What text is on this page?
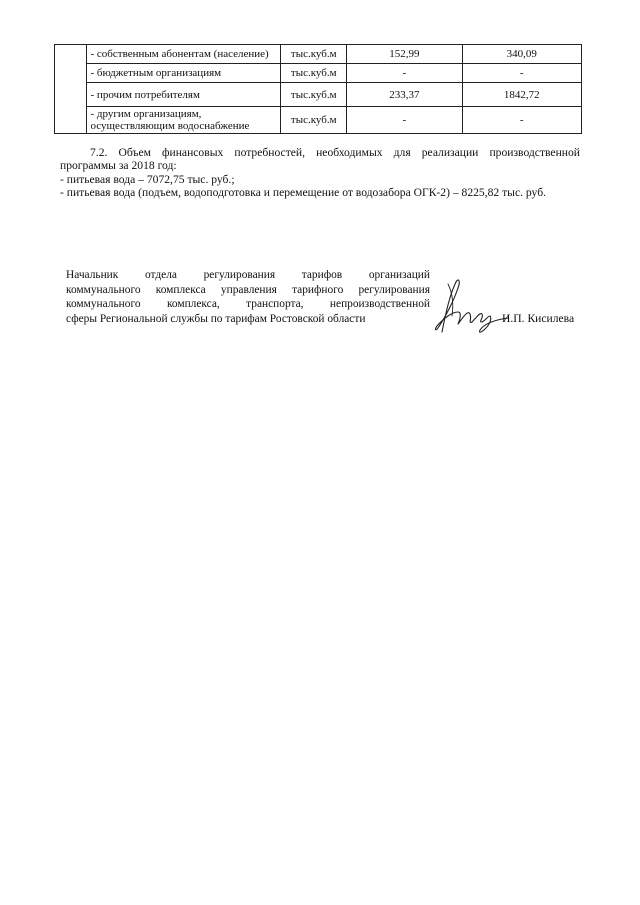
	- собственным абонентам (население)	тыс.куб.м	152,99	340,09
	- бюджетным организациям	тыс.куб.м	-	-
	- прочим потребителям	тыс.куб.м	233,37	1842,72
	- другим организациям, осуществляющим водоснабжение	тыс.куб.м	-	-
7.2. Объем финансовых потребностей, необходимых для реализации производственной программы за 2018 год:
- питьевая вода – 7072,75 тыс. руб.;
- питьевая вода (подъем, водоподготовка и перемещение от водозабора ОГК-2) – 8225,82 тыс. руб.
Начальник отдела регулирования тарифов организаций
коммунального комплекса управления тарифного регулирования
коммунального комплекса, транспорта, непроизводственной
сферы Региональной службы по тарифам Ростовской области	И.П. Кисилева
